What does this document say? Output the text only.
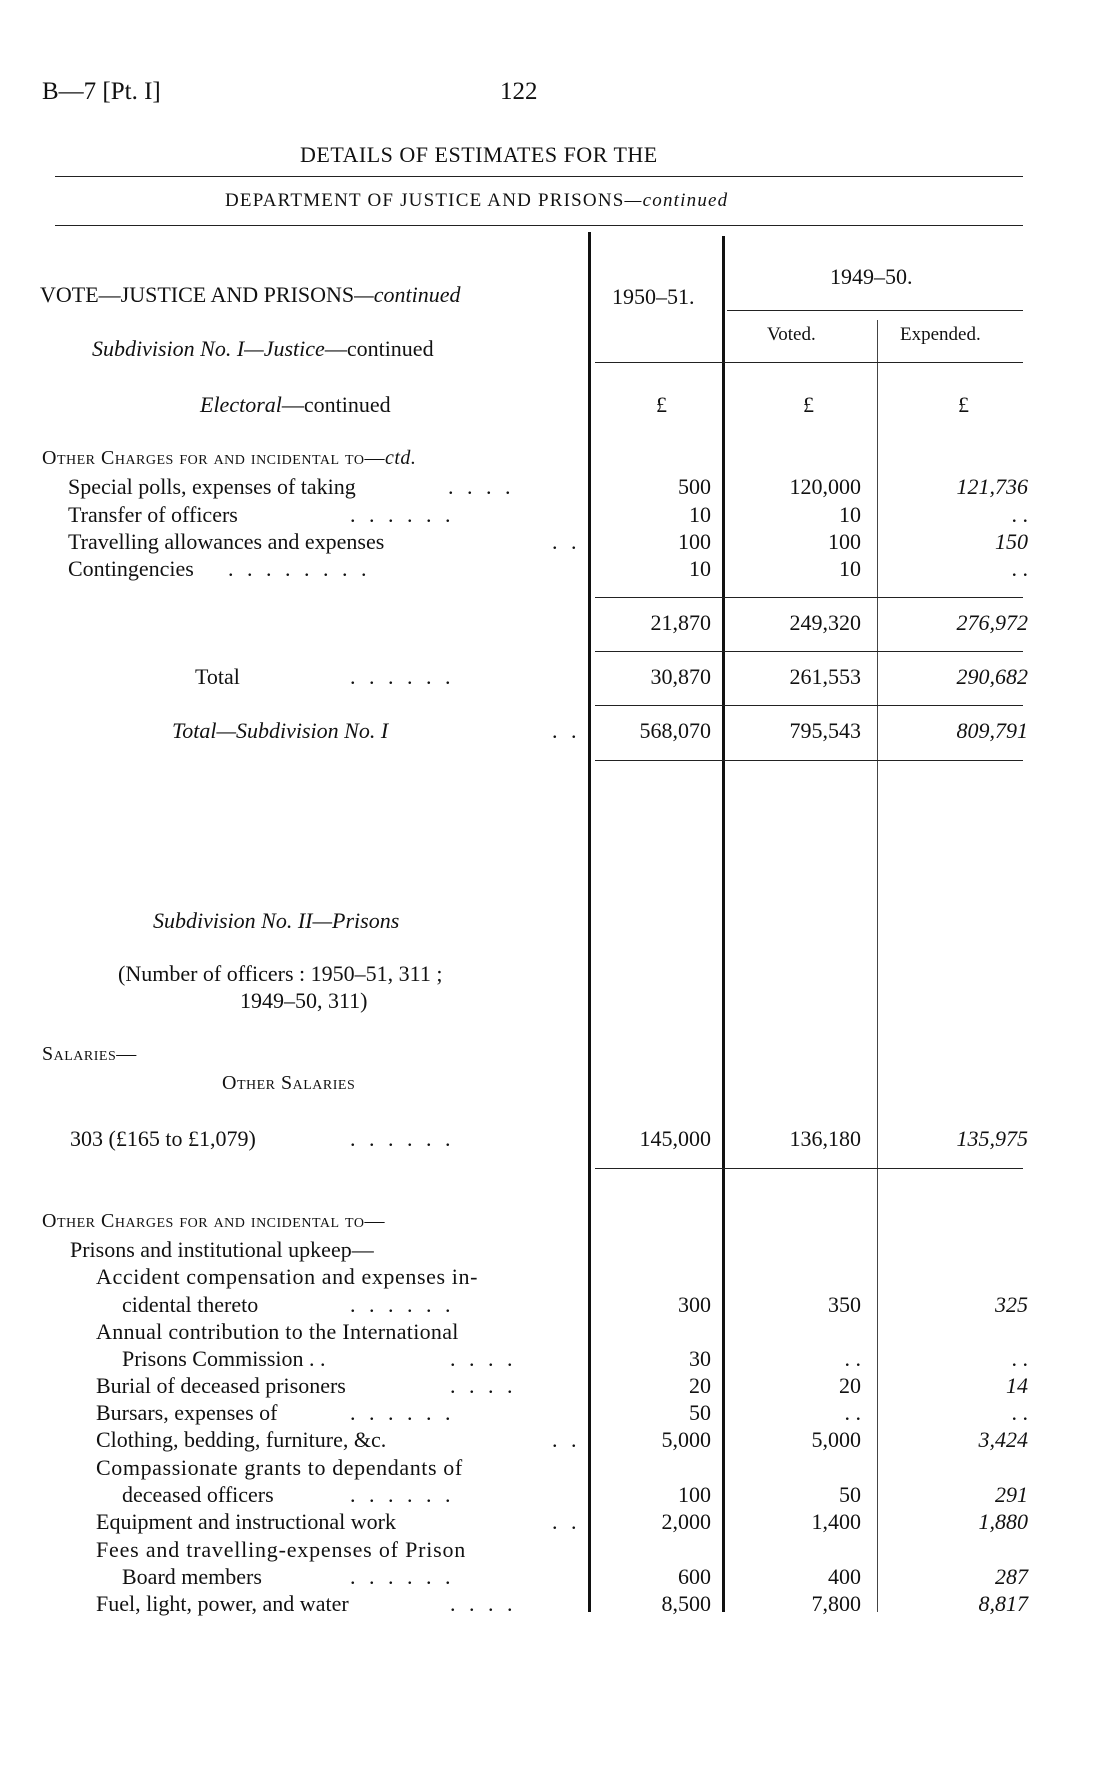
B—7 [Pt. I]	122
DETAILS OF ESTIMATES FOR THE
DEPARTMENT OF JUSTICE AND PRISONS—continued
VOTE—JUSTICE AND PRISONS—continued	1950–51.
1949–50.
Voted.	Expended.
Subdivision No. I—Justice—continued
Electoral—continued	£	£	£
Other Charges for and incidental to—ctd.
Special polls, expenses of taking	. . . .	500	120,000	121,736
Transfer of officers	. . . . . .	10	10	. .
Travelling allowances and expenses	. .	100	100	150
Contingencies . . . . . . . .	10	10	. .
21,870	249,320	276,972
Total	. . . . . .	30,870	261,553	290,682
Total—Subdivision No. I	. .	568,070	795,543	809,791
Subdivision No. II—Prisons
(Number of officers : 1950–51, 311 ;
1949–50, 311)
Salaries—
Other Salaries
303 (£165 to £1,079)	. . . . . .	145,000	136,180	135,975
Other Charges for and incidental to—
Prisons and institutional upkeep—
Accident compensation and expenses in-
cidental thereto	. . . . . .	300	350	325
Annual contribution to the International
Prisons Commission . .	. . . .	30	. .	. .
Burial of deceased prisoners	. . . .	20	20	14
Bursars, expenses of	. . . . . .	50	. .	. .
Clothing, bedding, furniture, &c.	. .	5,000	5,000	3,424
Compassionate grants to dependants of
deceased officers	. . . . . .	100	50	291
Equipment and instructional work	. .	2,000	1,400	1,880
Fees and travelling-expenses of Prison
Board members	. . . . . .	600	400	287
Fuel, light, power, and water	. . . .	8,500	7,800	8,817
